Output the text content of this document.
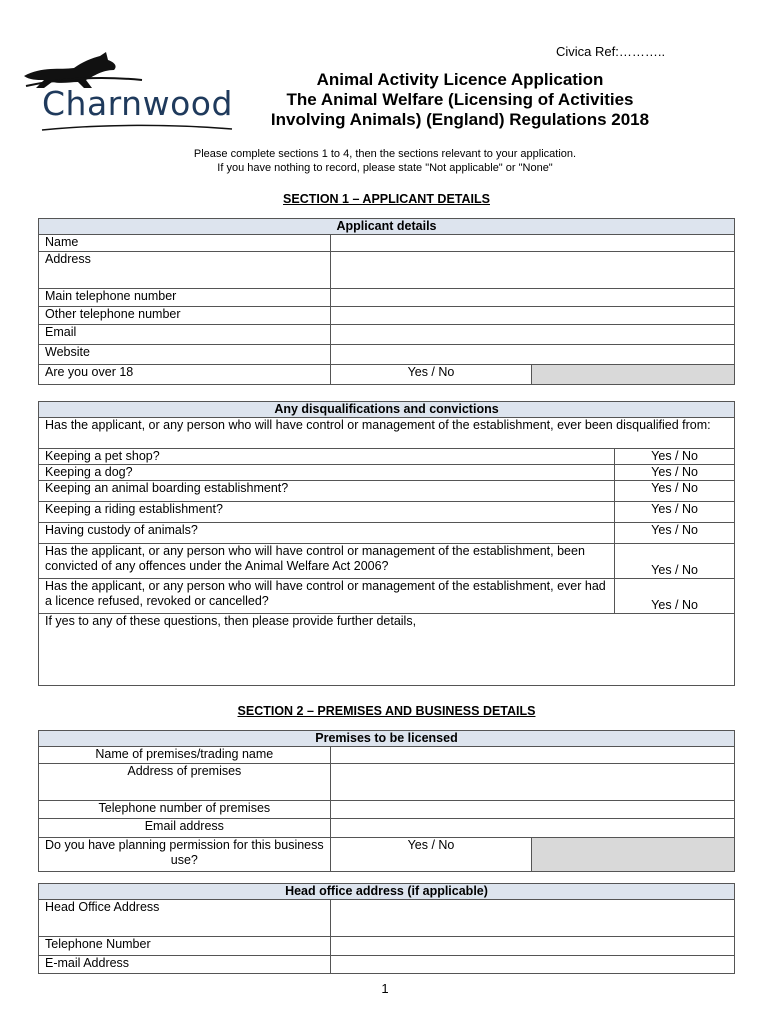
Civica Ref:………..
Charnwood
Animal Activity Licence Application
The Animal Welfare (Licensing of Activities
Involving Animals) (England) Regulations 2018
Please complete sections 1 to 4, then the sections relevant to your application.
If you have nothing to record, please state "Not applicable" or "None"
SECTION 1 – APPLICANT DETAILS
Applicant details		
Name		
Address		
Main telephone number		
Other telephone number		
Email		
Website		
Are you over 18	Yes / No	
Any disqualifications and convictions	
Has the applicant, or any person who will have control or management of the establishment, ever been disqualified from:	
Keeping a pet shop?	Yes / No
Keeping a dog?	Yes / No
Keeping an animal boarding establishment?	Yes / No
Keeping a riding establishment?	Yes / No
Having custody of animals?	Yes / No
Has the applicant, or any person who will have control or management of the establishment, been convicted of any offences under the Animal Welfare Act 2006?	Yes / No
Has the applicant, or any person who will have control or management of the establishment, ever had a licence refused, revoked or cancelled?	Yes / No
If yes to any of these questions, then please provide further details,	
SECTION 2 – PREMISES AND BUSINESS DETAILS
Premises to be licensed		
Name of premises/trading name		
Address of premises		
Telephone number of premises		
Email address		
Do you have planning permission for this business use?	Yes / No	
Head office address (if applicable)	
Head Office Address	
Telephone Number	
E-mail Address	
1
